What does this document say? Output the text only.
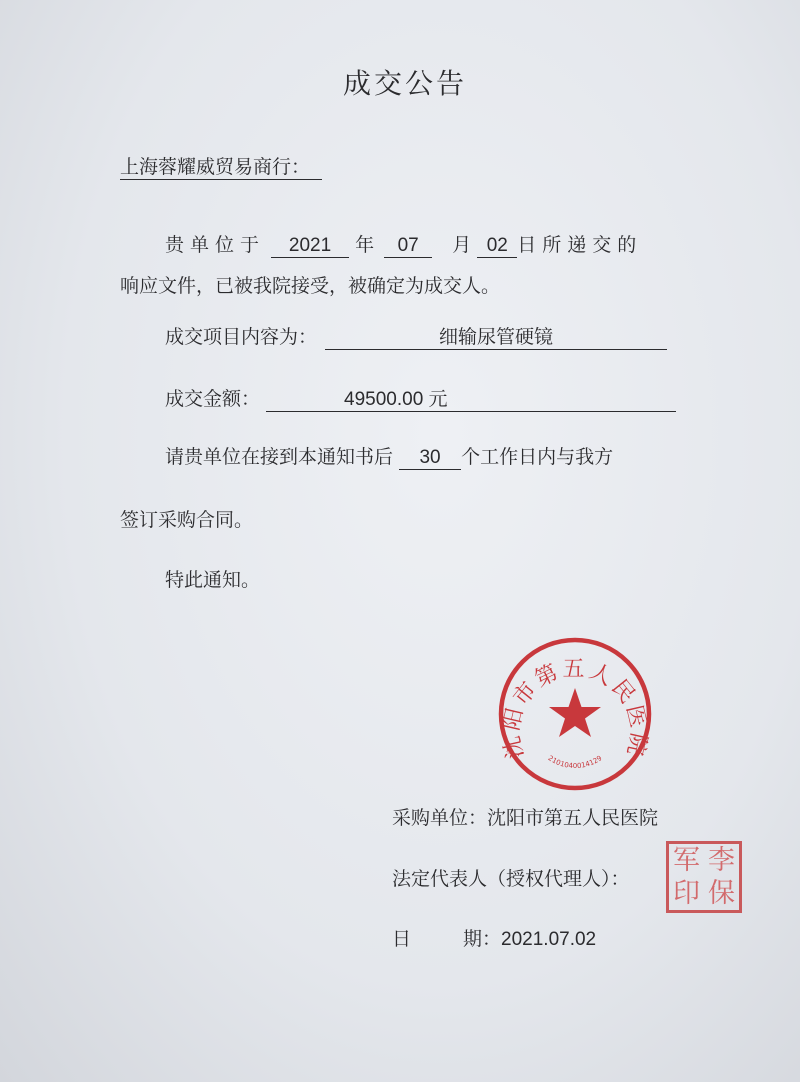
成交公告
上海蓉耀威贸易商行：
贵单位于 2021 年 07 月 02 日所递交的
响应文件，已被我院接受，被确定为成交人。
成交项目内容为：	细输尿管硬镜
成交金额：	49500.00 元
请贵单位在接到本通知书后 30 个工作日内与我方
签订采购合同。
特此通知。
沈阳市第五人民医院
2101040014129
采购单位：沈阳市第五人民医院
法定代表人（授权代理人）：
军 李
印 保
日	期：2021.07.02
